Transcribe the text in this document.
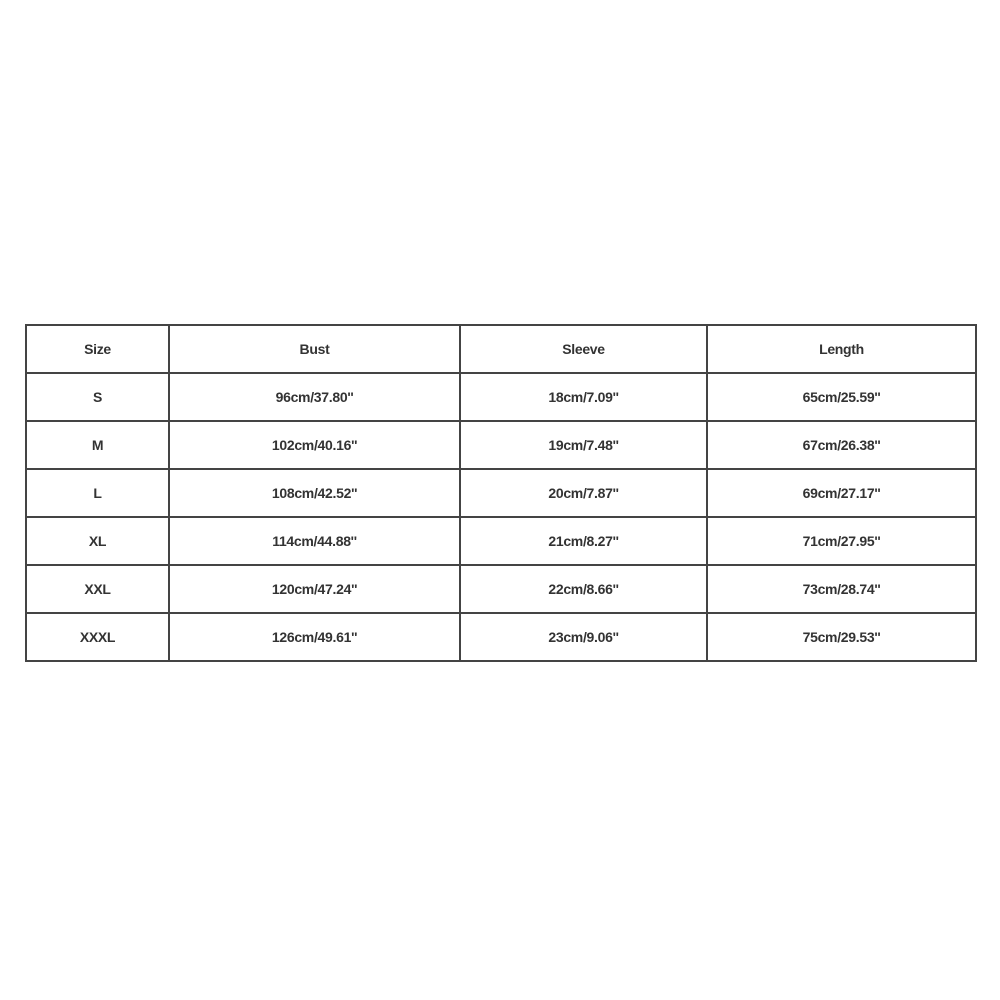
Size	Bust	Sleeve	Length
S	96cm/37.80''	18cm/7.09''	65cm/25.59''
M	102cm/40.16''	19cm/7.48''	67cm/26.38''
L	108cm/42.52''	20cm/7.87''	69cm/27.17''
XL	114cm/44.88''	21cm/8.27''	71cm/27.95''
XXL	120cm/47.24''	22cm/8.66''	73cm/28.74''
XXXL	126cm/49.61''	23cm/9.06''	75cm/29.53''
